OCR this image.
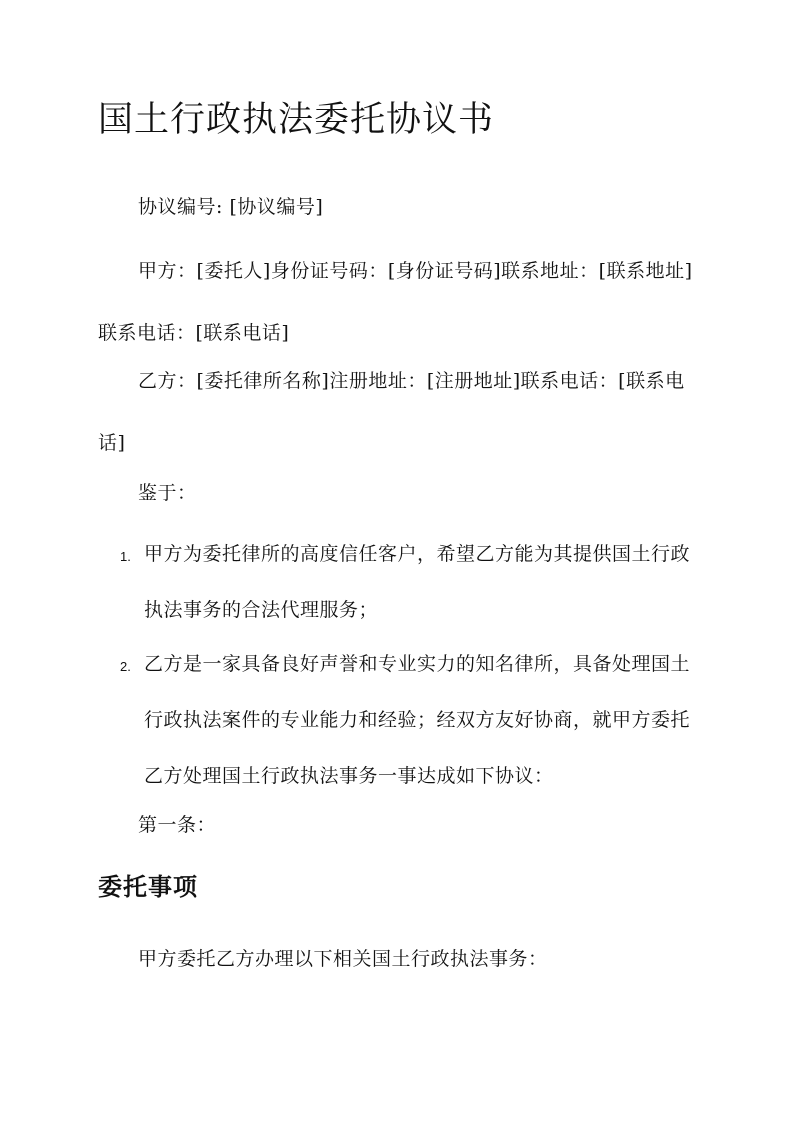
国土行政执法委托协议书

协议编号: [协议编号]

甲方：[委托人]身份证号码：[身份证号码]联系地址：[联系地址]联系电话：[联系电话]

乙方：[委托律所名称]注册地址：[注册地址]联系电话：[联系电话]

鉴于：

1. 甲方为委托律所的高度信任客户，希望乙方能为其提供国土行政执法事务的合法代理服务；

2. 乙方是一家具备良好声誉和专业实力的知名律所，具备处理国土行政执法案件的专业能力和经验；经双方友好协商，就甲方委托乙方处理国土行政执法事务一事达成如下协议：

第一条：

委托事项

甲方委托乙方办理以下相关国土行政执法事务：
